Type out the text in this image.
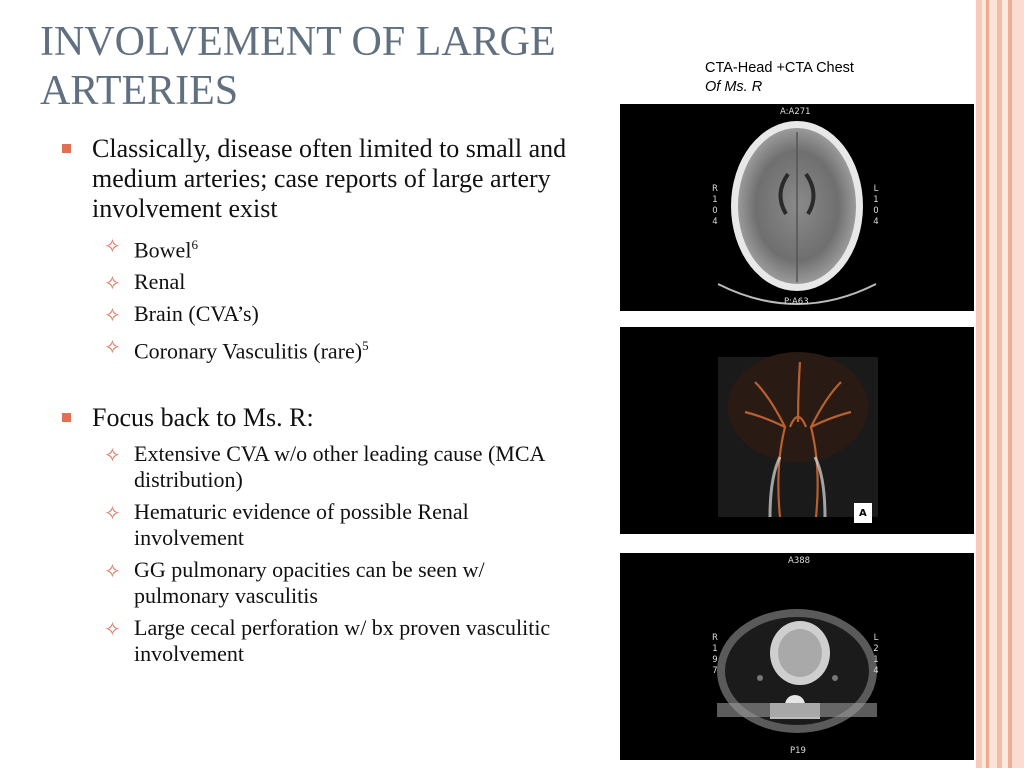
INVOLVEMENT OF LARGE ARTERIES	CTA-Head +CTA Chest
Of Ms. R
Classically, disease often limited to small and medium arteries; case reports of large artery involvement exist
✧ Bowel$^6$
✧ Renal
✧ Brain (CVA’s)
✧ Coronary Vasculitis (rare)$^5$
Focus back to Ms. R:
✧ Extensive CVA w/o other leading cause (MCA distribution)
✧ Hematuric evidence of possible Renal involvement
✧ GG pulmonary opacities can be seen w/ pulmonary vasculitis
✧ Large cecal perforation w/ bx proven vasculitic involvement
A:A271
P:A63
R
1
0
4
L
1
0
4
A
A388
P19
R
1
9
7
L
2
1
4
